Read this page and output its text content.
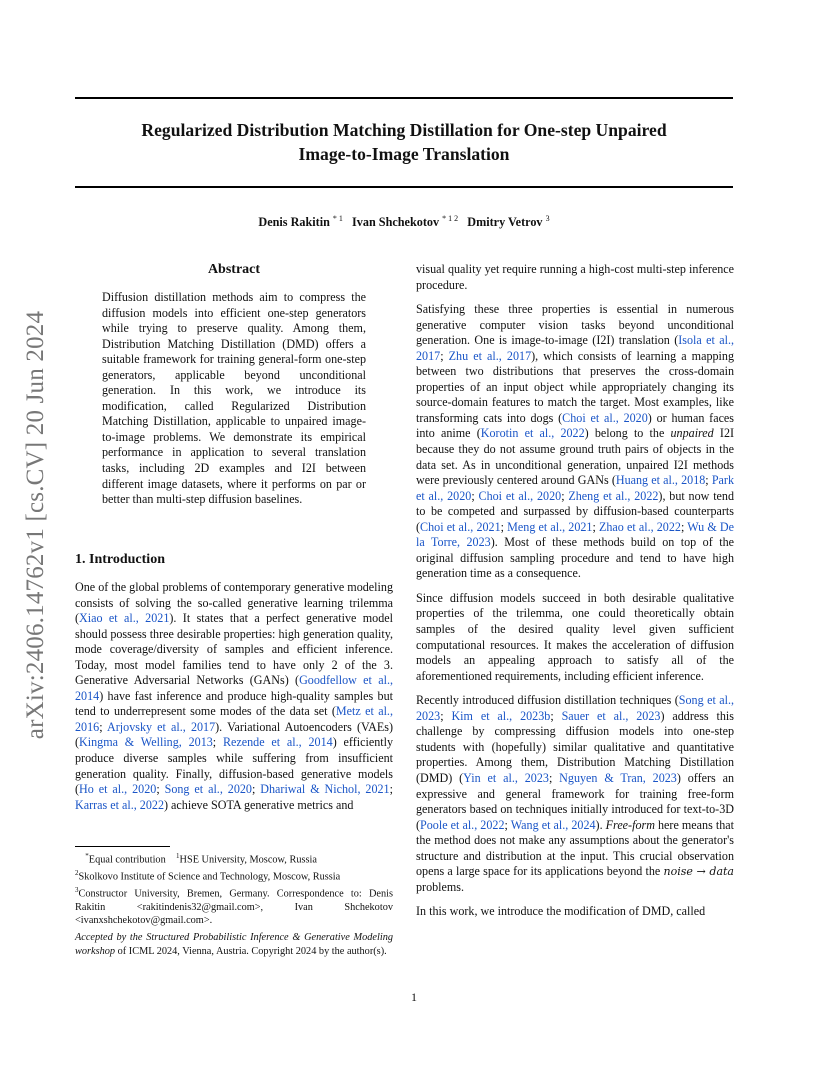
Regularized Distribution Matching Distillation for One-step Unpaired
Image-to-Image Translation
Denis Rakitin $^{* 1}$ Ivan Shchekotov $^{* 1 2}$ Dmitry Vetrov $^3$
arXiv:2406.14762v1 [cs.CV] 20 Jun 2024
Abstract
Diffusion distillation methods aim to compress the diffusion models into efficient one-step generators while trying to preserve quality. Among them, Distribution Matching Distillation (DMD) offers a suitable framework for training general-form one-step generators, applicable beyond unconditional generation. In this work, we introduce its modification, called Regularized Distribution Matching Distillation, applicable to unpaired image-to-image problems. We demonstrate its empirical performance in application to several translation tasks, including 2D examples and I2I between different image datasets, where it performs on par or better than multi-step diffusion baselines.
1. Introduction

One of the global problems of contemporary generative modeling consists of solving the so-called generative learning trilemma (Xiao et al., 2021). It states that a perfect generative model should possess three desirable properties: high generation quality, mode coverage/diversity of samples and efficient inference. Today, most model families tend to have only 2 of the 3. Generative Adversarial Networks (GANs) (Goodfellow et al., 2014) have fast inference and produce high-quality samples but tend to underrepresent some modes of the data set (Metz et al., 2016; Arjovsky et al., 2017). Variational Autoencoders (VAEs) (Kingma & Welling, 2013; Rezende et al., 2014) efficiently produce diverse samples while suffering from insufficient generation quality. Finally, diffusion-based generative models (Ho et al., 2020; Song et al., 2020; Dhariwal & Nichol, 2021; Karras et al., 2022) achieve SOTA generative metrics and

*Equal contribution $^1$HSE University, Moscow, Russia
$^2$Skolkovo Institute of Science and Technology, Moscow, Russia
$^3$Constructor University, Bremen, Germany. Correspondence to: Denis Rakitin <rakitindenis32@gmail.com>, Ivan Shchekotov <ivanxshchekotov@gmail.com>.
Accepted by the Structured Probabilistic Inference & Generative Modeling workshop of ICML 2024, Vienna, Austria. Copyright 2024 by the author(s).

visual quality yet require running a high-cost multi-step inference procedure.

Satisfying these three properties is essential in numerous generative computer vision tasks beyond unconditional generation. One is image-to-image (I2I) translation (Isola et al., 2017; Zhu et al., 2017), which consists of learning a mapping between two distributions that preserves the cross-domain properties of an input object while appropriately changing its source-domain features to match the target. Most examples, like transforming cats into dogs (Choi et al., 2020) or human faces into anime (Korotin et al., 2022) belong to the unpaired I2I because they do not assume ground truth pairs of objects in the data set. As in unconditional generation, unpaired I2I methods were previously centered around GANs (Huang et al., 2018; Park et al., 2020; Choi et al., 2020; Zheng et al., 2022), but now tend to be competed and surpassed by diffusion-based counterparts (Choi et al., 2021; Meng et al., 2021; Zhao et al., 2022; Wu & De la Torre, 2023). Most of these methods build on top of the original diffusion sampling procedure and tend to have high generation time as a consequence.

Since diffusion models succeed in both desirable qualitative properties of the trilemma, one could theoretically obtain samples of the desired quality level given sufficient computational resources. It makes the acceleration of diffusion models an appealing approach to satisfy all of the aforementioned requirements, including efficient inference.

Recently introduced diffusion distillation techniques (Song et al., 2023; Kim et al., 2023b; Sauer et al., 2023) address this challenge by compressing diffusion models into one-step students with (hopefully) similar qualitative and quantitative properties. Among them, Distribution Matching Distillation (DMD) (Yin et al., 2023; Nguyen & Tran, 2023) offers an expressive and general framework for training free-form generators based on techniques initially introduced for text-to-3D (Poole et al., 2022; Wang et al., 2024). Free-form here means that the method does not make any assumptions about the generator's structure and distribution at the input. This crucial observation opens a large space for its applications beyond the noise → data problems.

In this work, we introduce the modification of DMD, called

1
